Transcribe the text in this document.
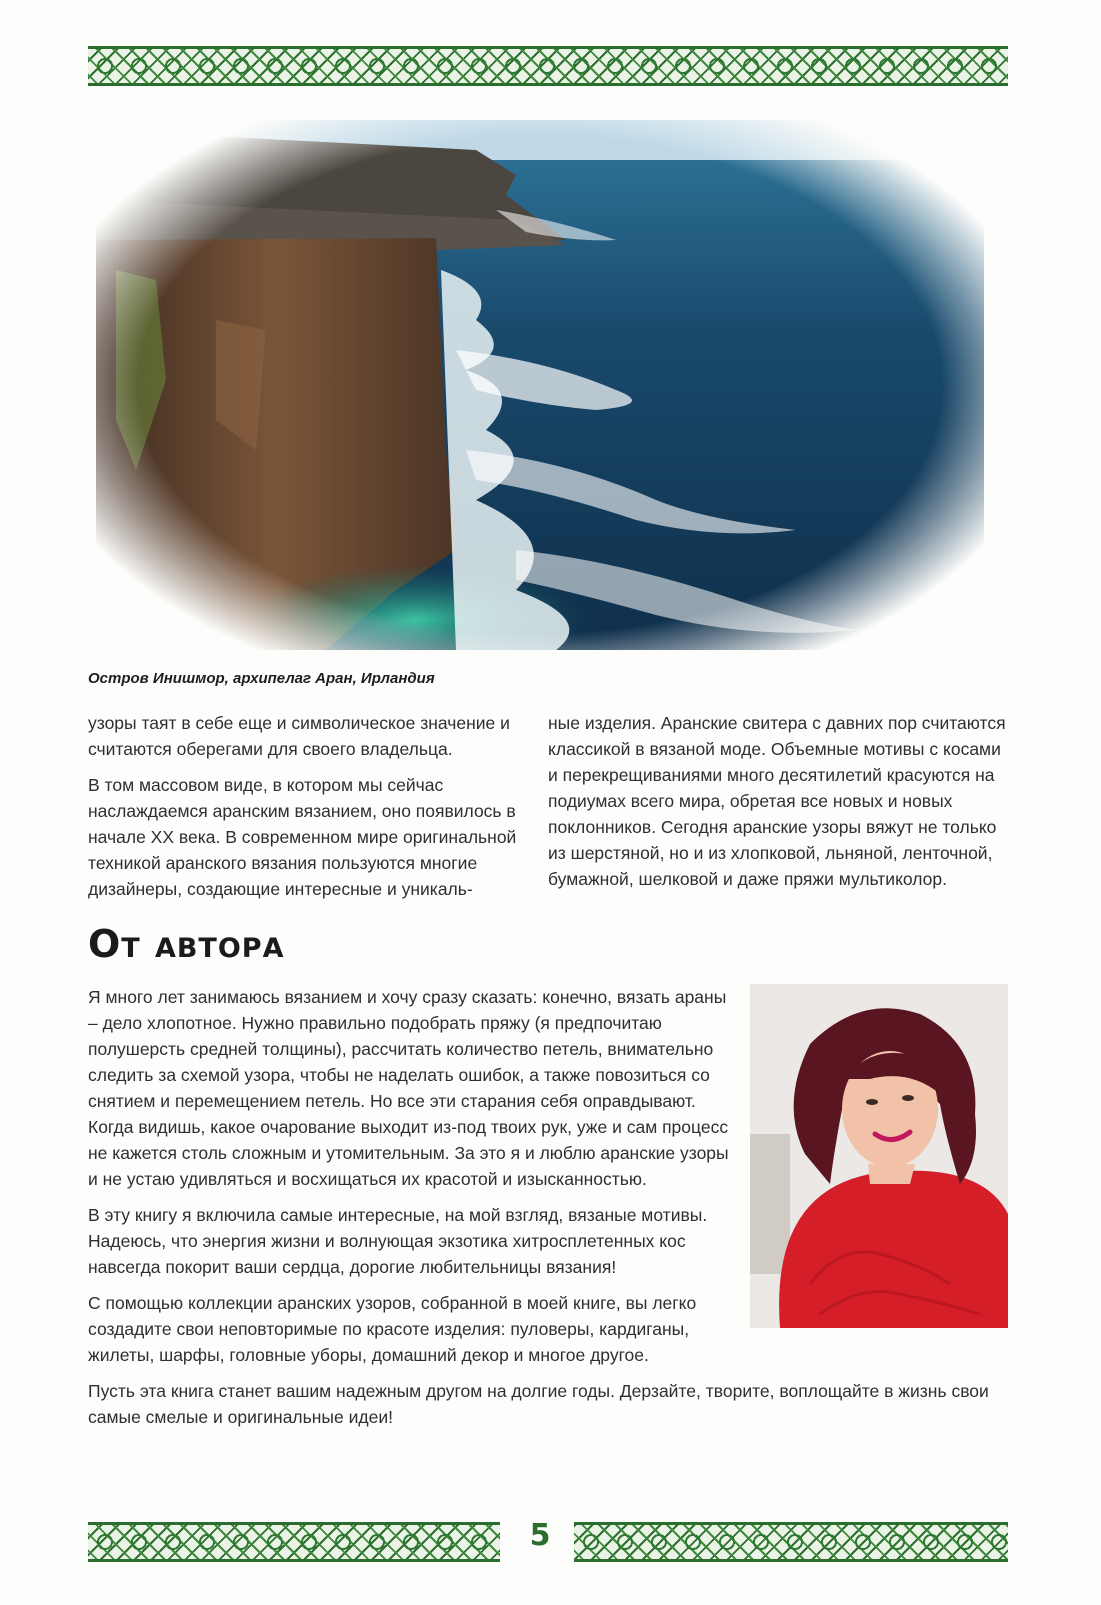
Остров Инишмор, архипелаг Аран, Ирландия

узоры таят в себе еще и символическое значение и считаются оберегами для своего владельца.

В том массовом виде, в котором мы сейчас наслаждаемся аранским вязанием, оно появилось в начале XX века. В современном мире оригинальной техникой аранского вязания пользуются многие дизайнеры, создающие интересные и уникаль-

ные изделия. Аранские свитера с давних пор считаются классикой в вязаной моде. Объемные мотивы с косами и перекрещиваниями много десятилетий красуются на подиумах всего мира, обретая все новых и новых поклонников. Сегодня аранские узоры вяжут не только из шерстяной, но и из хлопковой, льняной, ленточной, бумажной, шелковой и даже пряжи мультиколор.

От автора

Я много лет занимаюсь вязанием и хочу сразу сказать: конечно, вязать араны – дело хлопотное. Нужно правильно подобрать пряжу (я предпочитаю полушерсть средней толщины), рассчитать количество петель, внимательно следить за схемой узора, чтобы не наделать ошибок, а также повозиться со снятием и перемещением петель. Но все эти старания себя оправдывают. Когда видишь, какое очарование выходит из-под твоих рук, уже и сам процесс не кажется столь сложным и утомительным. За это я и люблю аранские узоры и не устаю удивляться и восхищаться их красотой и изысканностью.

В эту книгу я включила самые интересные, на мой взгляд, вязаные мотивы. Надеюсь, что энергия жизни и волнующая экзотика хитросплетенных кос навсегда покорит ваши сердца, дорогие любительницы вязания!

С помощью коллекции аранских узоров, собранной в моей книге, вы легко создадите свои неповторимые по красоте изделия: пуловеры, кардиганы, жилеты, шарфы, головные уборы, домашний декор и многое другое.

Пусть эта книга станет вашим надежным другом на долгие годы. Дерзайте, творите, воплощайте в жизнь свои самые смелые и оригинальные идеи!

5
